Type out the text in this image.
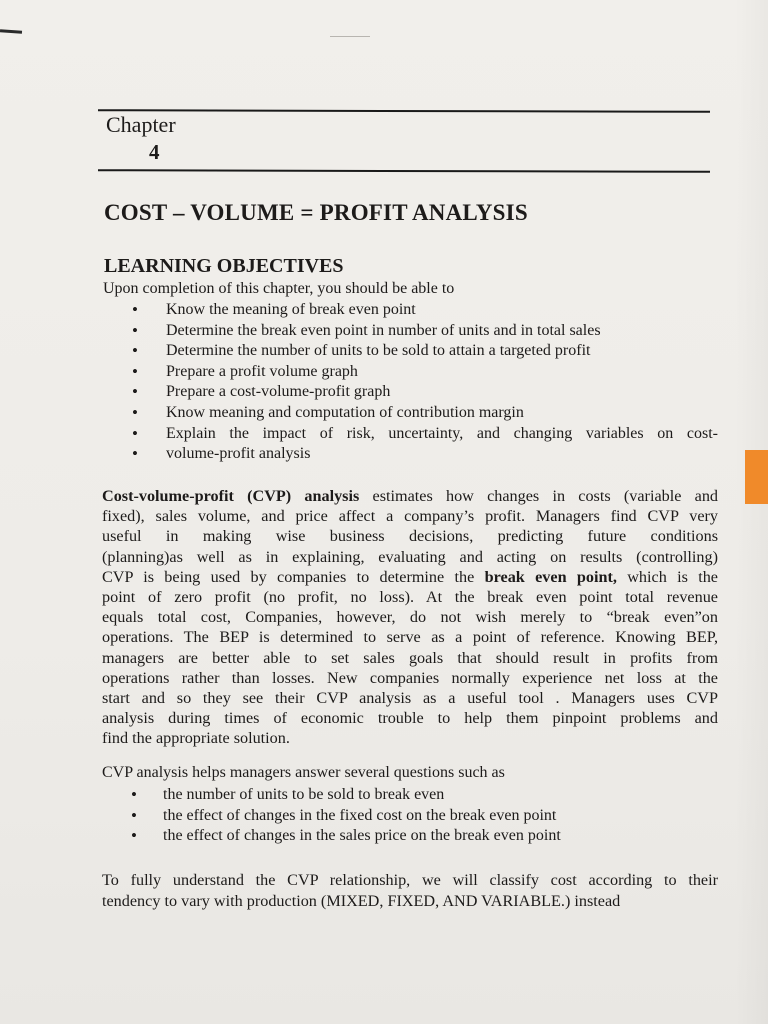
Chapter
4
COST – VOLUME = PROFIT ANALYSIS
LEARNING OBJECTIVES
Upon completion of this chapter, you should be able to
• Know the meaning of break even point
• Determine the break even point in number of units and in total sales
• Determine the number of units to be sold to attain a targeted profit
• Prepare a profit volume graph
• Prepare a cost-volume-profit graph
• Know meaning and computation of contribution margin
• Explain the impact of risk, uncertainty, and changing variables on cost-
• volume-profit analysis
Cost-volume-profit (CVP) analysis estimates how changes in costs (variable and
fixed), sales volume, and price affect a company’s profit. Managers find CVP very
useful in making wise business decisions, predicting future conditions
(planning)as well as in explaining, evaluating and acting on results (controlling)
CVP is being used by companies to determine the break even point, which is the
point of zero profit (no profit, no loss). At the break even point total revenue
equals total cost, Companies, however, do not wish merely to “break even”on
operations. The BEP is determined to serve as a point of reference. Knowing BEP,
managers are better able to set sales goals that should result in profits from
operations rather than losses. New companies normally experience net loss at the
start and so they see their CVP analysis as a useful tool . Managers uses CVP
analysis during times of economic trouble to help them pinpoint problems and
find the appropriate solution.
CVP analysis helps managers answer several questions such as
• the number of units to be sold to break even
• the effect of changes in the fixed cost on the break even point
• the effect of changes in the sales price on the break even point
To fully understand the CVP relationship, we will classify cost according to their
tendency to vary with production (MIXED, FIXED, AND VARIABLE.) instead
